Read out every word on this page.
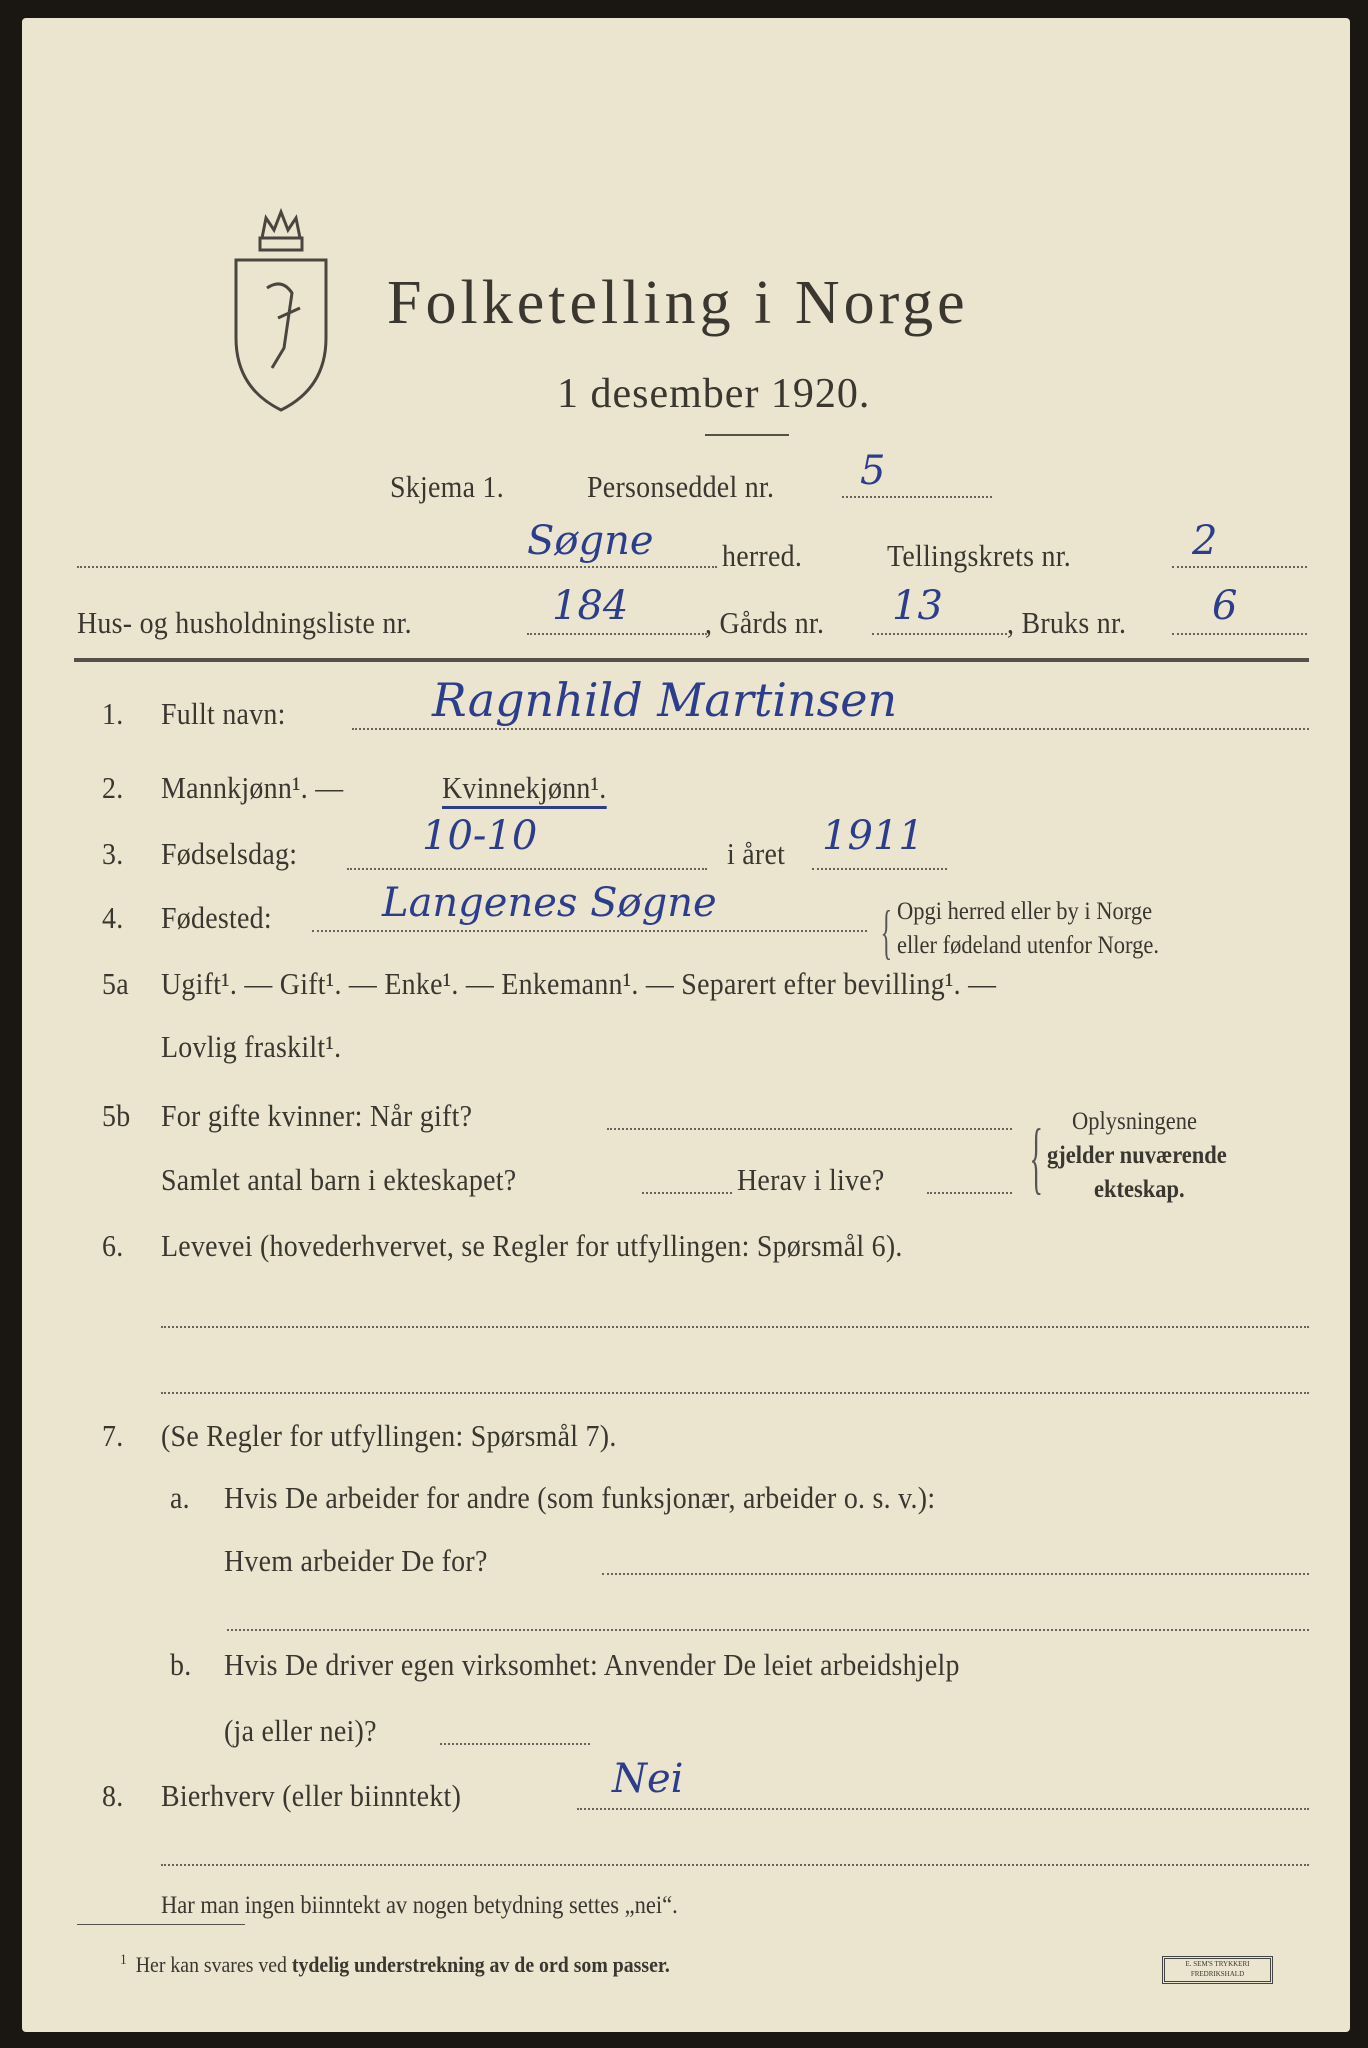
Folketelling i Norge
1 desember 1920.
Skjema 1.	Personseddel nr. 5
Søgne herred.	Tellingskrets nr.	2
Hus- og husholdningsliste nr.	184 , Gårds nr. 13 , Bruks nr. 6
1. Fullt navn:	Ragnhild Martinsen
2. Mannkjønn¹. —	Kvinnekjønn¹.
3. Fødselsdag:	10-10	i året 1911
4. Fødested:	Langenes Søgne	{ Opgi herred eller by i Norge
eller fødeland utenfor Norge.
5a Ugift¹. — Gift¹. — Enke¹. — Enkemann¹. — Separert efter bevilling¹. —
Lovlig fraskilt¹.
5b For gifte kvinner: Når gift?
Samlet antal barn i ekteskapet?	Herav i live? { Oplysningene
gjelder nuværende
ekteskap.
6. Levevei (hovederhvervet, se Regler for utfyllingen: Spørsmål 6).
7. (Se Regler for utfyllingen: Spørsmål 7).
a. Hvis De arbeider for andre (som funksjonær, arbeider o. s. v.):
Hvem arbeider De for?
b. Hvis De driver egen virksomhet: Anvender De leiet arbeidshjelp
(ja eller nei)?
8. Bierhverv (eller biinntekt)	Nei
Har man ingen biinntekt av nogen betydning settes „nei“.
$^1$ Her kan svares ved tydelig understrekning av de ord som passer.	E. SEM'S TRYKKERI FREDRIKSHALD
